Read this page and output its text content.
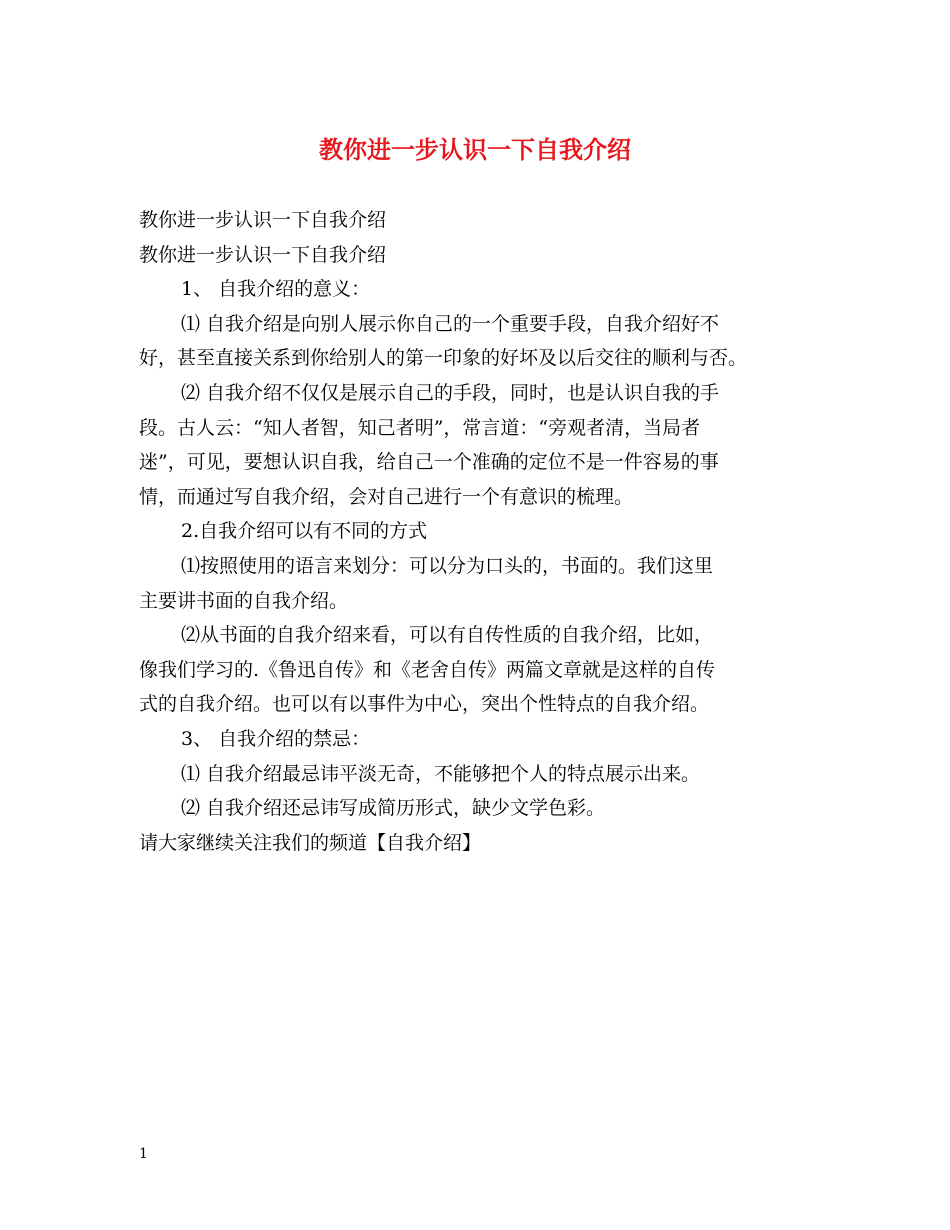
教你进一步认识一下自我介绍
教你进一步认识一下自我介绍
教你进一步认识一下自我介绍
1、 自我介绍的意义：
⑴ 自我介绍是向别人展示你自己的一个重要手段，自我介绍好不
好，甚至直接关系到你给别人的第一印象的好坏及以后交往的顺利与否。
⑵ 自我介绍不仅仅是展示自己的手段，同时，也是认识自我的手
段。古人云：“知人者智，知己者明”，常言道：“旁观者清，当局者
迷”，可见，要想认识自我，给自己一个准确的定位不是一件容易的事
情，而通过写自我介绍，会对自己进行一个有意识的梳理。
2.自我介绍可以有不同的方式
⑴按照使用的语言来划分：可以分为口头的，书面的。我们这里
主要讲书面的自我介绍。
⑵从书面的自我介绍来看，可以有自传性质的自我介绍，比如，
像我们学习的.《鲁迅自传》和《老舍自传》两篇文章就是这样的自传
式的自我介绍。也可以有以事件为中心，突出个性特点的自我介绍。
3、 自我介绍的禁忌：
⑴ 自我介绍最忌讳平淡无奇，不能够把个人的特点展示出来。
⑵ 自我介绍还忌讳写成简历形式，缺少文学色彩。
请大家继续关注我们的频道【自我介绍】
1
